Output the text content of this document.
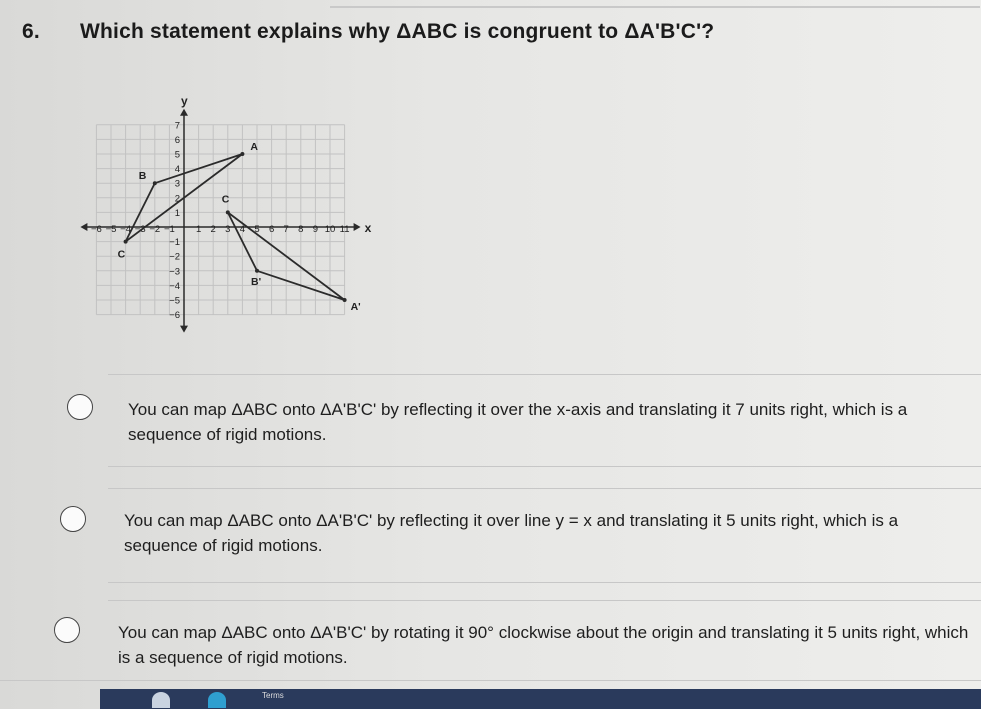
6. Which statement explains why ΔABC is congruent to ΔA'B'C'?
x
y
−6 −5 −4 −3 −2 −1 1 2 3 4 5 6 7 8 9 10 11
7
6
5
4
3
2
1
−1
−2
−3
−4
−5
−6
A
B
C
A'
B'
C
You can map ΔABC onto ΔA'B'C' by reflecting it over the x-axis and translating it 7 units right, which is a sequence of rigid motions.
You can map ΔABC onto ΔA'B'C' by reflecting it over line y = x and translating it 5 units right, which is a sequence of rigid motions.
You can map ΔABC onto ΔA'B'C' by rotating it 90° clockwise about the origin and translating it 5 units right, which is a sequence of rigid motions.
Terms
